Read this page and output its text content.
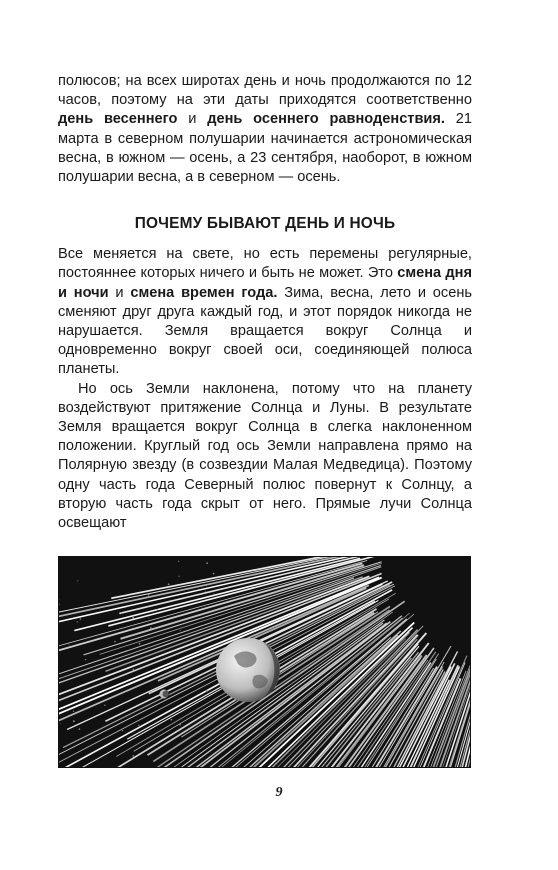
полюсов; на всех широтах день и ночь продолжаются по 12 часов, поэтому на эти даты приходятся соответственно день весеннего и день осеннего равноденствия. 21 марта в северном полушарии начинается астрономическая весна, в южном — осень, а 23 сентября, наоборот, в южном полушарии весна, а в северном — осень.

ПОЧЕМУ БЫВАЮТ ДЕНЬ И НОЧЬ

Все меняется на свете, но есть перемены регулярные, постояннее которых ничего и быть не может. Это смена дня и ночи и смена времен года. Зима, весна, лето и осень сменяют друг друга каждый год, и этот порядок никогда не нарушается. Земля вращается вокруг Солнца и одновременно вокруг своей оси, соединяющей полюса планеты.

Но ось Земли наклонена, потому что на планету воздействуют притяжение Солнца и Луны. В результате Земля вращается вокруг Солнца в слегка наклоненном положении. Круглый год ось Земли направлена прямо на Полярную звезду (в созвездии Малая Медведица). Поэтому одну часть года Северный полюс повернут к Солнцу, а вторую часть года скрыт от него. Прямые лучи Солнца освещают

9
